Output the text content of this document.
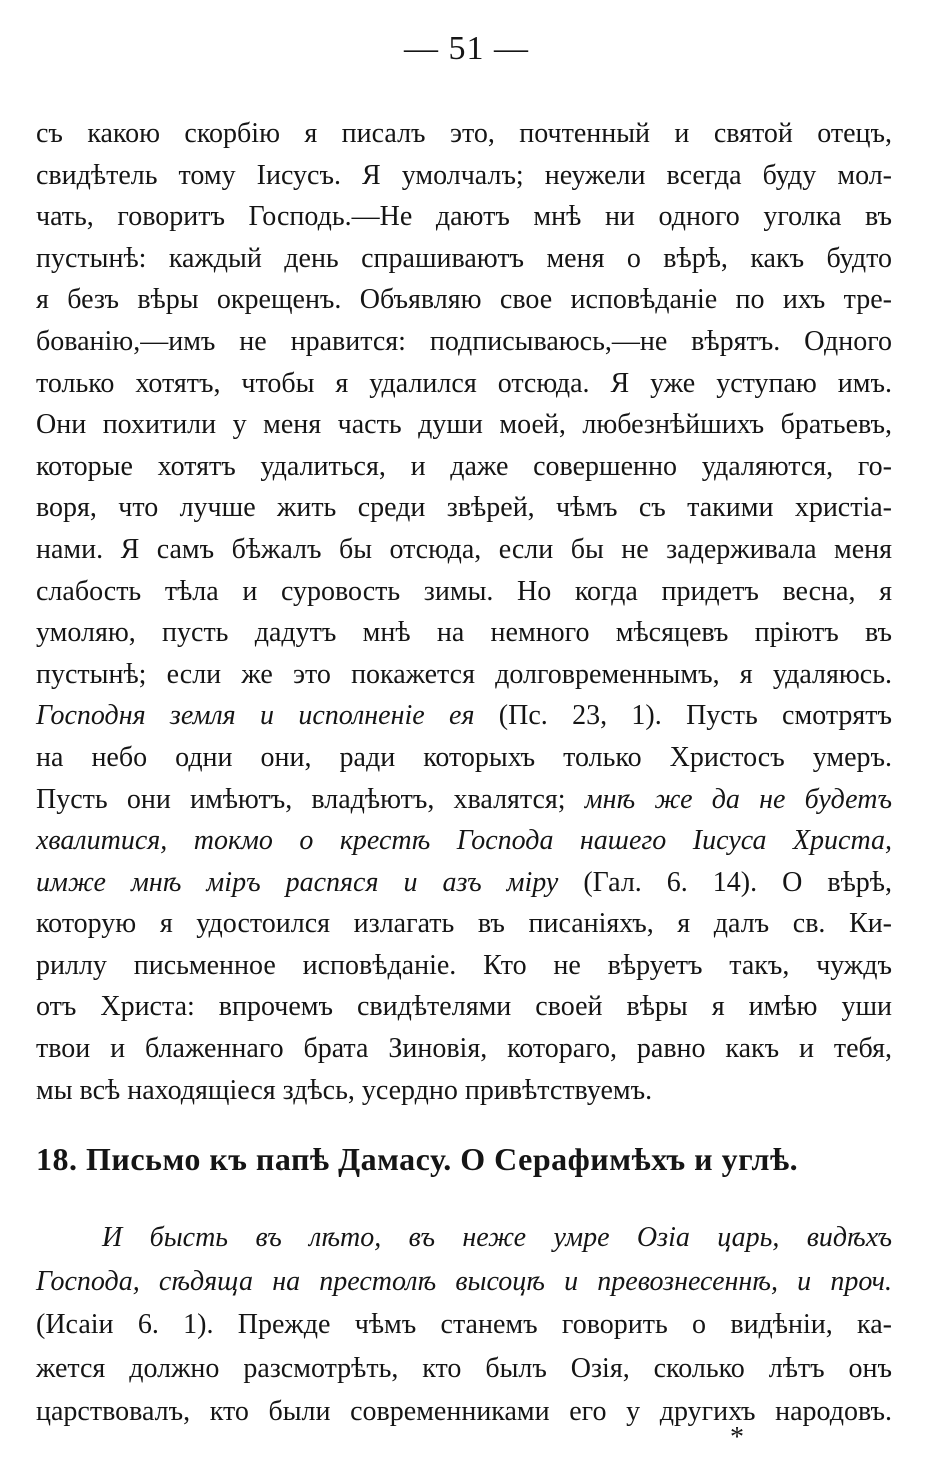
— 51 —
съ какою скорбію я писалъ это, почтенный и святой отецъ,
свидѣтель тому Іисусъ. Я умолчалъ; неужели всегда буду мол-
чать, говоритъ Господь.—Не даютъ мнѣ ни одного уголка въ
пустынѣ: каждый день спрашиваютъ меня о вѣрѣ, какъ будто
я безъ вѣры окрещенъ. Объявляю свое исповѣданіе по ихъ тре-
бованію,—имъ не нравится: подписываюсь,—не вѣрятъ. Одного
только хотятъ, чтобы я удалился отсюда. Я уже уступаю имъ.
Они похитили у меня часть души моей, любезнѣйшихъ братьевъ,
которые хотятъ удалиться, и даже совершенно удаляются, го-
воря, что лучше жить среди звѣрей, чѣмъ съ такими христіа-
нами. Я самъ бѣжалъ бы отсюда, если бы не задерживала меня
слабость тѣла и суровость зимы. Но когда придетъ весна, я
умоляю, пусть дадутъ мнѣ на немного мѣсяцевъ пріютъ въ
пустынѣ; если же это покажется долговременнымъ, я удаляюсь.
Господня земля и исполненіе ея (Пс. 23, 1). Пусть смотрятъ
на небо одни они, ради которыхъ только Христосъ умеръ.
Пусть они имѣютъ, владѣютъ, хвалятся; мнѣ же да не будетъ
хвалитися, токмо о крестѣ Господа нашего Іисуса Христа,
имже мнѣ міръ распяся и азъ міру (Гал. 6. 14). О вѣрѣ,
которую я удостоился излагать въ писаніяхъ, я далъ св. Ки-
риллу письменное исповѣданіе. Кто не вѣруетъ такъ, чуждъ
отъ Христа: впрочемъ свидѣтелями своей вѣры я имѣю уши
твои и блаженнаго брата Зиновія, котораго, равно какъ и тебя,
мы всѣ находящіеся здѣсь, усердно привѣтствуемъ.
18. Письмо къ папѣ Дамасу. О Серафимѣхъ и углѣ.
И бысть въ лѣто, въ неже умре Озіа царь, видѣхъ
Господа, сѣдяща на престолѣ высоцѣ и превознесеннѣ, и проч.
(Исаіи 6. 1). Прежде чѣмъ станемъ говорить о видѣніи, ка-
жется должно разсмотрѣть, кто былъ Озія, сколько лѣтъ онъ
царствовалъ, кто были современниками его у другихъ народовъ.
*
